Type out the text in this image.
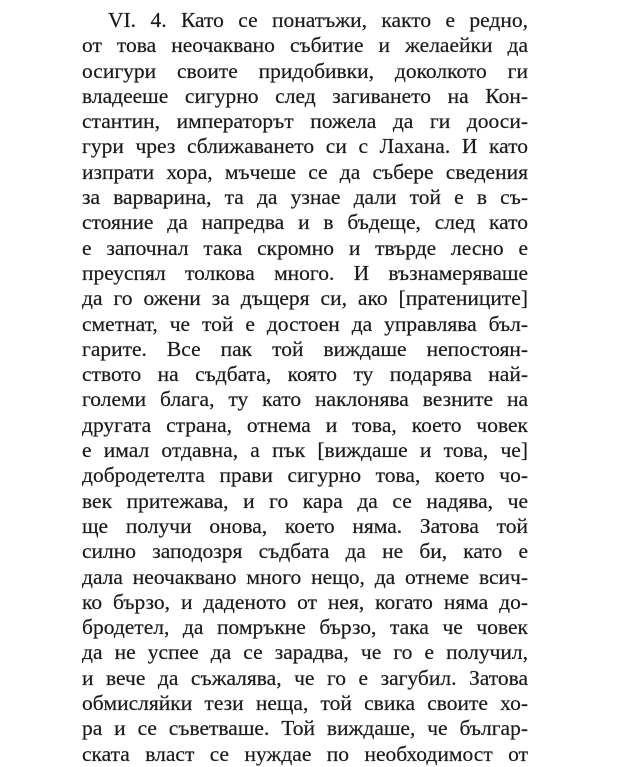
VI. 4. Като се понатъжи, както е редно,
от това неочаквано събитие и желаейки да
осигури своите придобивки, доколкото ги
владееше сигурно след загиването на Кон-
стантин, императорът пожела да ги дооси-
гури чрез сближаването си с Лахана. И като
изпрати хора, мъчеше се да събере сведения
за варварина, та да узнае дали той е в съ-
стояние да напредва и в бъдеще, след като
е започнал така скромно и твърде лесно е
преуспял толкова много. И възнамеряваше
да го ожени за дъщеря си, ако [пратениците]
сметнат, че той е достоен да управлява бъл-
гарите. Все пак той виждаше непостоян-
ството на съдбата, която ту подарява най-
големи блага, ту като наклонява везните на
другата страна, отнема и това, което човек
е имал отдавна, а пък [виждаше и това, че]
добродетелта прави сигурно това, което чо-
век притежава, и го кара да се надява, че
ще получи онова, което няма. Затова той
силно заподозря съдбата да не би, като е
дала неочаквано много нещо, да отнеме всич-
ко бързо, и даденото от нея, когато няма до-
бродетел, да помръкне бързо, така че човек
да не успее да се зарадва, че го е получил,
и вече да съжалява, че го е загубил. Затова
обмисляйки тези неща, той свика своите хо-
ра и се съветваше. Той виждаше, че българ-
ската власт се нуждае по необходимост от
